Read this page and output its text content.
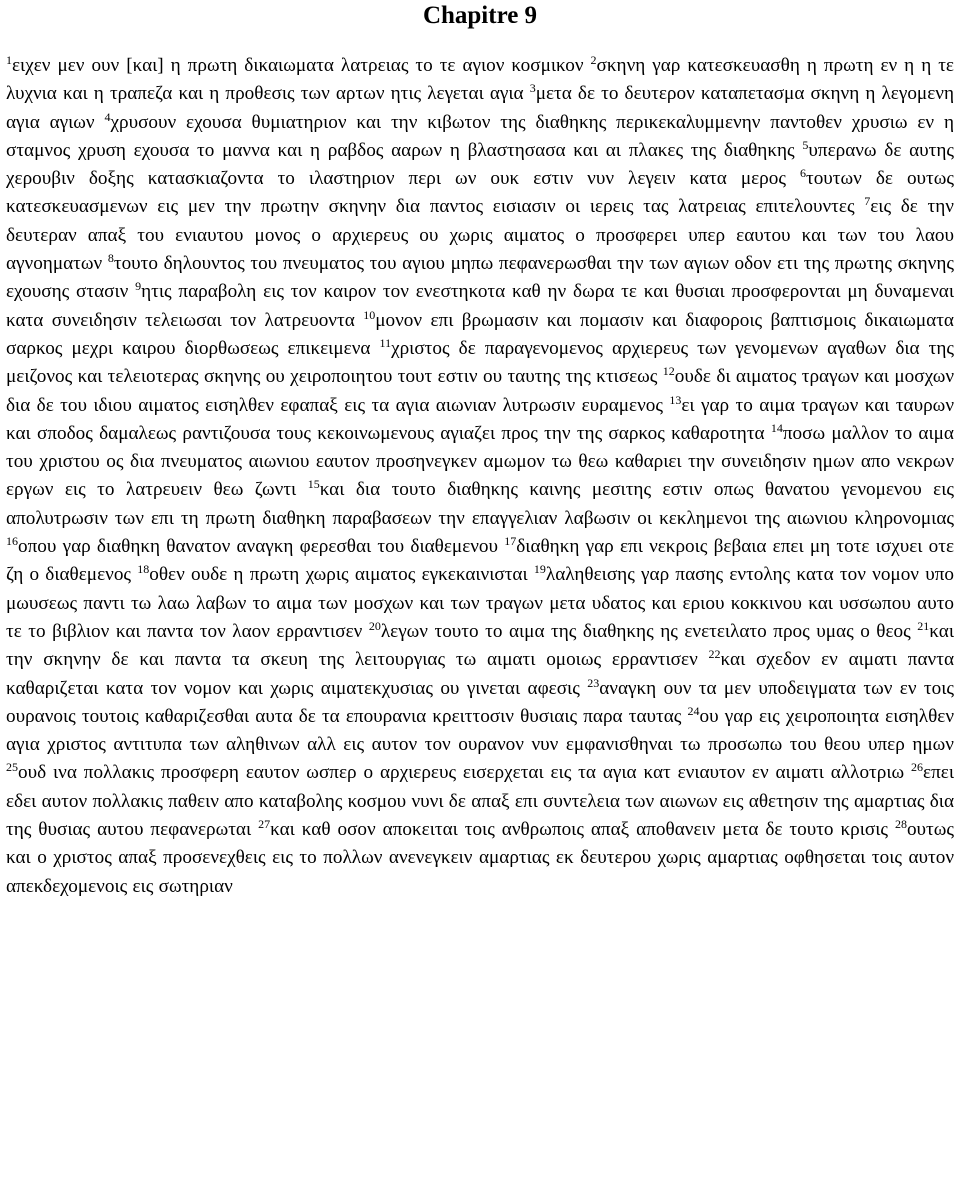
Chapitre 9

$^1$ειχεν μεν ουν [και] η πρωτη δικαιωματα λατρειας το τε αγιον κοσμικον $^2$σκηνη γαρ κατεσκευασθη η πρωτη εν η η τε λυχνια και η τραπεζα και η προθεσις των αρτων ητις λεγεται αγια $^3$μετα δε το δευτερον καταπετασμα σκηνη η λεγομενη αγια αγιων $^4$χρυσουν εχουσα θυμιατηριον και την κιβωτον της διαθηκης περικεκαλυμμενην παντοθεν χρυσιω εν η σταμνος χρυση εχουσα το μαννα και η ραβδος ααρων η βλαστησασα και αι πλακες της διαθηκης $^5$υπερανω δε αυτης χερουβιν δοξης κατασκιαζοντα το ιλαστηριον περι ων ουκ εστιν νυν λεγειν κατα μερος $^6$τουτων δε ουτως κατεσκευασμενων εις μεν την πρωτην σκηνην δια παντος εισιασιν οι ιερεις τας λατρειας επιτελουντες $^7$εις δε την δευτεραν απαξ του ενιαυτου μονος ο αρχιερευς ου χωρις αιματος ο προσφερει υπερ εαυτου και των του λαου αγνοηματων $^8$τουτο δηλουντος του πνευματος του αγιου μηπω πεφανερωσθαι την των αγιων οδον ετι της πρωτης σκηνης εχουσης στασιν $^9$ητις παραβολη εις τον καιρον τον ενεστηκοτα καθ ην δωρα τε και θυσιαι προσφερονται μη δυναμεναι κατα συνειδησιν τελειωσαι τον λατρευοντα $^{10}$μονον επι βρωμασιν και πομασιν και διαφοροις βαπτισμοις δικαιωματα σαρκος μεχρι καιρου διορθωσεως επικειμενα $^{11}$χριστος δε παραγενομενος αρχιερευς των γενομενων αγαθων δια της μειζονος και τελειοτερας σκηνης ου χειροποιητου τουτ εστιν ου ταυτης της κτισεως $^{12}$ουδε δι αιματος τραγων και μοσχων δια δε του ιδιου αιματος εισηλθεν εφαπαξ εις τα αγια αιωνιαν λυτρωσιν ευραμενος $^{13}$ει γαρ το αιμα τραγων και ταυρων και σποδος δαμαλεως ραντιζουσα τους κεκοινωμενους αγιαζει προς την της σαρκος καθαροτητα $^{14}$ποσω μαλλον το αιμα του χριστου ος δια πνευματος αιωνιου εαυτον προσηνεγκεν αμωμον τω θεω καθαριει την συνειδησιν ημων απο νεκρων εργων εις το λατρευειν θεω ζωντι $^{15}$και δια τουτο διαθηκης καινης μεσιτης εστιν οπως θανατου γενομενου εις απολυτρωσιν των επι τη πρωτη διαθηκη παραβασεων την επαγγελιαν λαβωσιν οι κεκλημενοι της αιωνιου κληρονομιας $^{16}$οπου γαρ διαθηκη θανατον αναγκη φερεσθαι του διαθεμενου $^{17}$διαθηκη γαρ επι νεκροις βεβαια επει μη τοτε ισχυει οτε ζη ο διαθεμενος $^{18}$οθεν ουδε η πρωτη χωρις αιματος εγκεκαινισται $^{19}$λαληθεισης γαρ πασης εντολης κατα τον νομον υπο μωυσεως παντι τω λαω λαβων το αιμα των μοσχων και των τραγων μετα υδατος και εριου κοκκινου και υσσωπου αυτο τε το βιβλιον και παντα τον λαον ερραντισεν $^{20}$λεγων τουτο το αιμα της διαθηκης ης ενετειλατο προς υμας ο θεος $^{21}$και την σκηνην δε και παντα τα σκευη της λειτουργιας τω αιματι ομοιως ερραντισεν $^{22}$και σχεδον εν αιματι παντα καθαριζεται κατα τον νομον και χωρις αιματεκχυσιας ου γινεται αφεσις $^{23}$αναγκη ουν τα μεν υποδειγματα των εν τοις ουρανοις τουτοις καθαριζεσθαι αυτα δε τα επουρανια κρειττοσιν θυσιαις παρα ταυτας $^{24}$ου γαρ εις χειροποιητα εισηλθεν αγια χριστος αντιτυπα των αληθινων αλλ εις αυτον τον ουρανον νυν εμφανισθηναι τω προσωπω του θεου υπερ ημων $^{25}$ουδ ινα πολλακις προσφερη εαυτον ωσπερ ο αρχιερευς εισερχεται εις τα αγια κατ ενιαυτον εν αιματι αλλοτριω $^{26}$επει εδει αυτον πολλακις παθειν απο καταβολης κοσμου νυνι δε απαξ επι συντελεια των αιωνων εις αθετησιν της αμαρτιας δια της θυσιας αυτου πεφανερωται $^{27}$και καθ οσον αποκειται τοις ανθρωποις απαξ αποθανειν μετα δε τουτο κρισις $^{28}$ουτως και ο χριστος απαξ προσενεχθεις εις το πολλων ανενεγκειν αμαρτιας εκ δευτερου χωρις αμαρτιας οφθησεται τοις αυτον απεκδεχομενοις εις σωτηριαν
